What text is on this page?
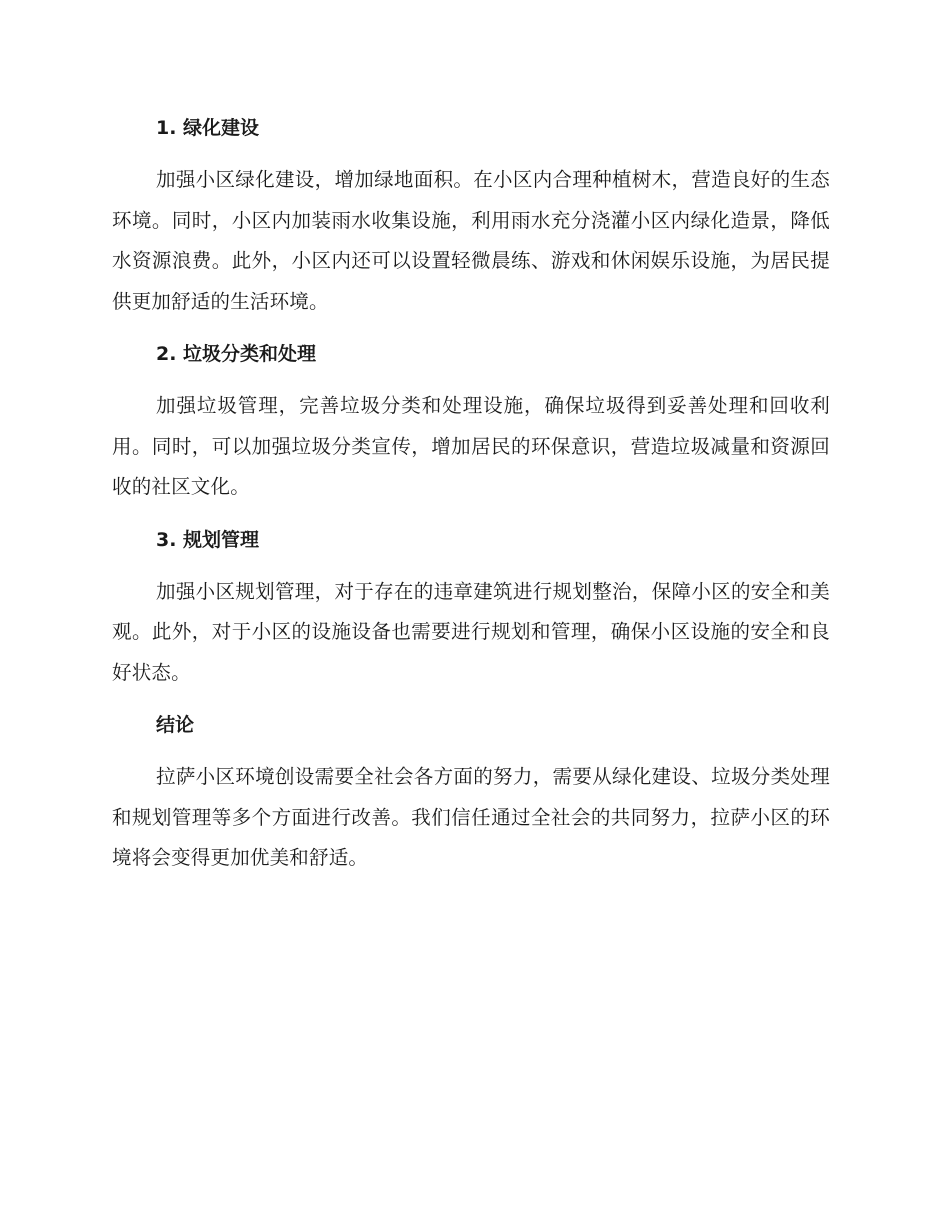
1. 绿化建设

加强小区绿化建设，增加绿地面积。在小区内合理种植树木，营造良好的生态环境。同时，小区内加装雨水收集设施，利用雨水充分浇灌小区内绿化造景，降低水资源浪费。此外，小区内还可以设置轻微晨练、游戏和休闲娱乐设施，为居民提供更加舒适的生活环境。

2. 垃圾分类和处理

加强垃圾管理，完善垃圾分类和处理设施，确保垃圾得到妥善处理和回收利用。同时，可以加强垃圾分类宣传，增加居民的环保意识，营造垃圾减量和资源回收的社区文化。

3. 规划管理

加强小区规划管理，对于存在的违章建筑进行规划整治，保障小区的安全和美观。此外，对于小区的设施设备也需要进行规划和管理，确保小区设施的安全和良好状态。

结论

拉萨小区环境创设需要全社会各方面的努力，需要从绿化建设、垃圾分类处理和规划管理等多个方面进行改善。我们信任通过全社会的共同努力，拉萨小区的环境将会变得更加优美和舒适。
